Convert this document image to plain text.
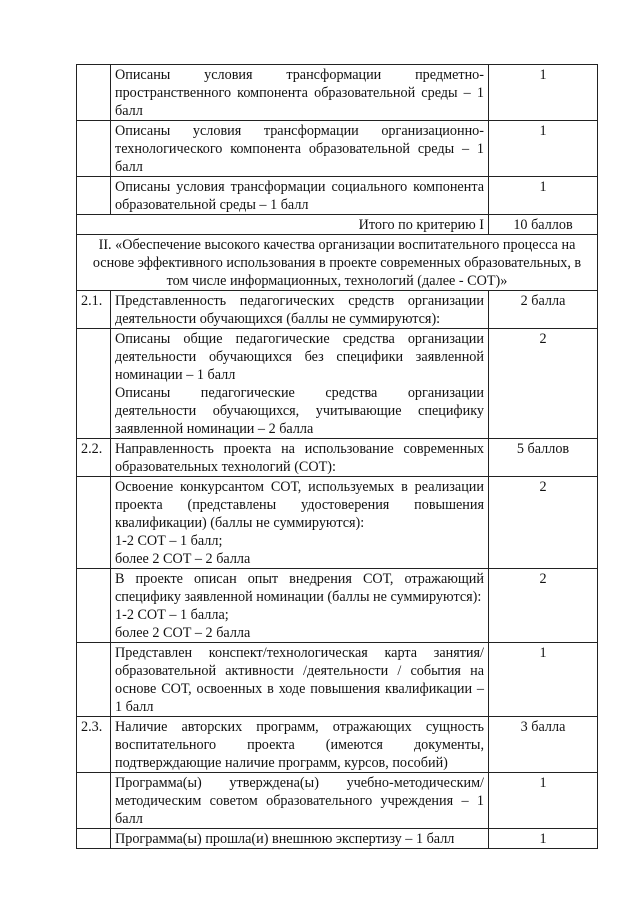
	Описаны условия трансформации предметно-пространственного компонента образовательной среды – 1 балл	1

	Описаны условия трансформации организационно-технологического компонента образовательной среды – 1 балл	1

	Описаны условия трансформации социального компонента образовательной среды – 1 балл	1
Итого по критерию I		10 баллов
II. «Обеспечение высокого качества организации воспитательного процесса на основе эффективного использования в проекте современных образовательных, в том числе информационных, технологий (далее - СОТ)»		
2.1.	Представленность педагогических средств организации деятельности обучающихся (баллы не суммируются):	2 балла

	Описаны общие педагогические средства организации деятельности обучающихся без специфики заявленной номинации – 1 балл

Описаны педагогические средства организации деятельности обучающихся, учитывающие специфику заявленной номинации – 2 балла	2
2.2.	Направленность проекта на использование современных образовательных технологий (СОТ):	5 баллов

	Освоение конкурсантом СОТ, используемых в реализации проекта (представлены удостоверения повышения квалификации) (баллы не суммируются):

1-2 СОТ – 1 балл;

более 2 СОТ – 2 балла	2

	В проекте описан опыт внедрения СОТ, отражающий специфику заявленной номинации (баллы не суммируются):

1-2 СОТ – 1 балла;

более 2 СОТ – 2 балла	2

	Представлен конспект/технологическая карта занятия/образовательной активности /деятельности / события на основе СОТ, освоенных в ходе повышения квалификации – 1 балл	1
2.3.	Наличие авторских программ, отражающих сущность воспитательного проекта (имеются документы, подтверждающие наличие программ, курсов, пособий)	3 балла

	Программа(ы) утверждена(ы) учебно-методическим/методическим советом образовательного учреждения – 1 балл	1

	Программа(ы) прошла(и) внешнюю экспертизу – 1 балл	1
